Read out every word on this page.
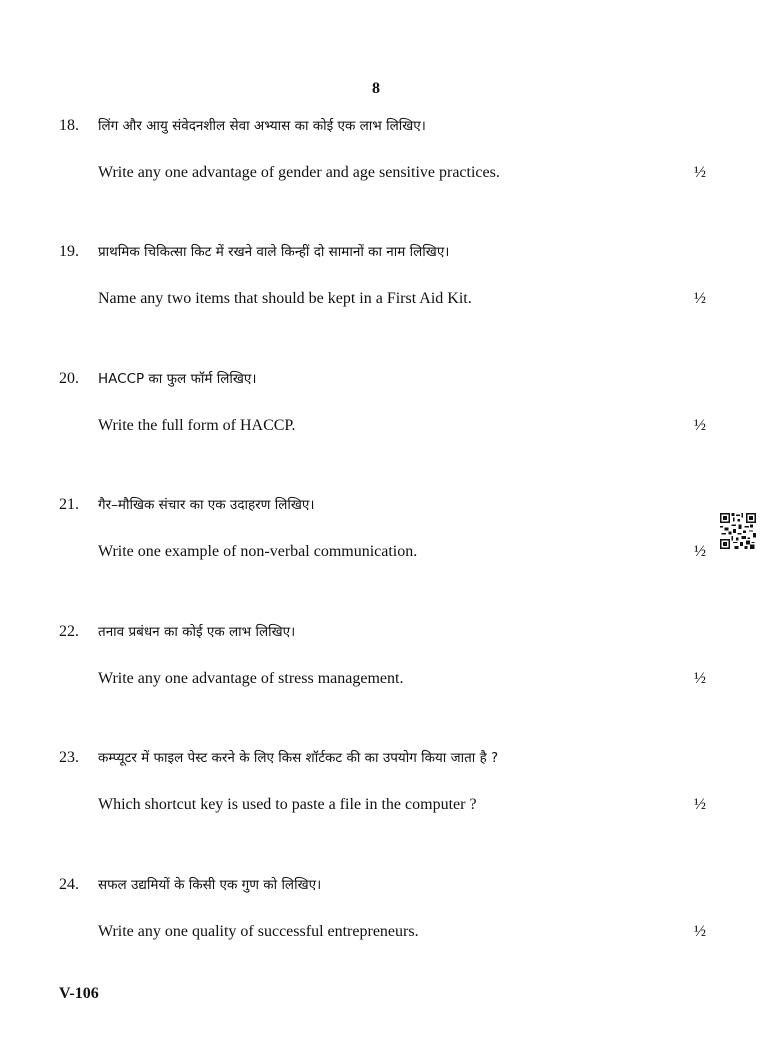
8
18. लिंग और आयु संवेदनशील सेवा अभ्यास का कोई एक लाभ लिखिए।
Write any one advantage of gender and age sensitive practices.	½
19. प्राथमिक चिकित्सा किट में रखने वाले किन्हीं दो सामानों का नाम लिखिए।
Name any two items that should be kept in a First Aid Kit.	½
20. HACCP का फुल फॉर्म लिखिए।
Write the full form of HACCP.	½
21. गैर–मौखिक संचार का एक उदाहरण लिखिए।
Write one example of non-verbal communication.	½
22. तनाव प्रबंधन का कोई एक लाभ लिखिए।
Write any one advantage of stress management.	½
23. कम्प्यूटर में फाइल पेस्ट करने के लिए किस शॉर्टकट की का उपयोग किया जाता है ?
Which shortcut key is used to paste a file in the computer ?	½
24. सफल उद्यमियों के किसी एक गुण को लिखिए।
Write any one quality of successful entrepreneurs.	½
V-106
